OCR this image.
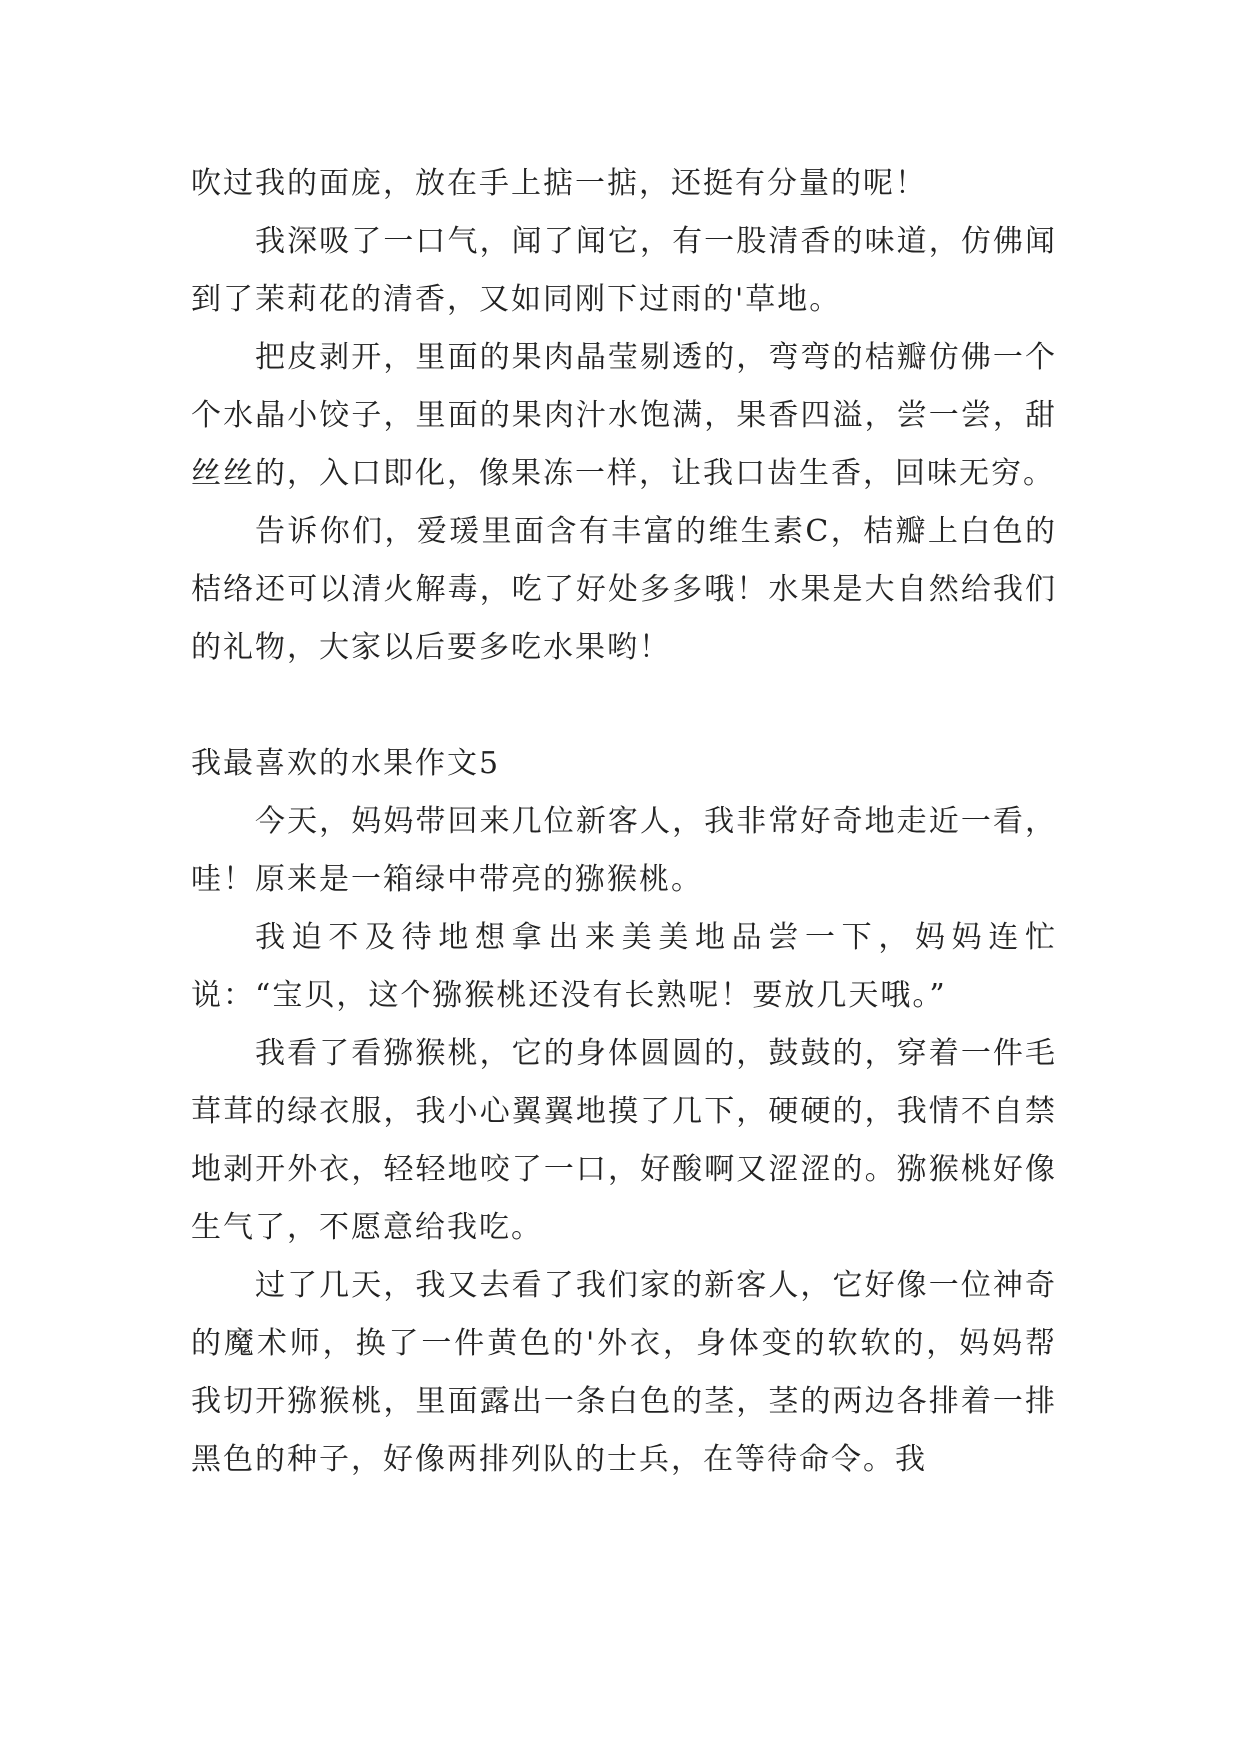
吹过我的面庞，放在手上掂一掂，还挺有分量的呢！

我深吸了一口气，闻了闻它，有一股清香的味道，仿佛闻到了茉莉花的清香，又如同刚下过雨的'草地。

把皮剥开，里面的果肉晶莹剔透的，弯弯的桔瓣仿佛一个个水晶小饺子，里面的果肉汁水饱满，果香四溢，尝一尝，甜丝丝的，入口即化，像果冻一样，让我口齿生香，回味无穷。

告诉你们，爱瑗里面含有丰富的维生素C，桔瓣上白色的桔络还可以清火解毒，吃了好处多多哦！水果是大自然给我们的礼物，大家以后要多吃水果哟！

我最喜欢的水果作文5

今天，妈妈带回来几位新客人，我非常好奇地走近一看，哇！原来是一箱绿中带亮的猕猴桃。

我迫不及待地想拿出来美美地品尝一下，妈妈连忙说：“宝贝，这个猕猴桃还没有长熟呢！要放几天哦。”

我看了看猕猴桃，它的身体圆圆的，鼓鼓的，穿着一件毛茸茸的绿衣服，我小心翼翼地摸了几下，硬硬的，我情不自禁地剥开外衣，轻轻地咬了一口，好酸啊又涩涩的。猕猴桃好像生气了，不愿意给我吃。

过了几天，我又去看了我们家的新客人，它好像一位神奇的魔术师，换了一件黄色的'外衣，身体变的软软的，妈妈帮我切开猕猴桃，里面露出一条白色的茎，茎的两边各排着一排黑色的种子，好像两排列队的士兵，在等待命令。我
